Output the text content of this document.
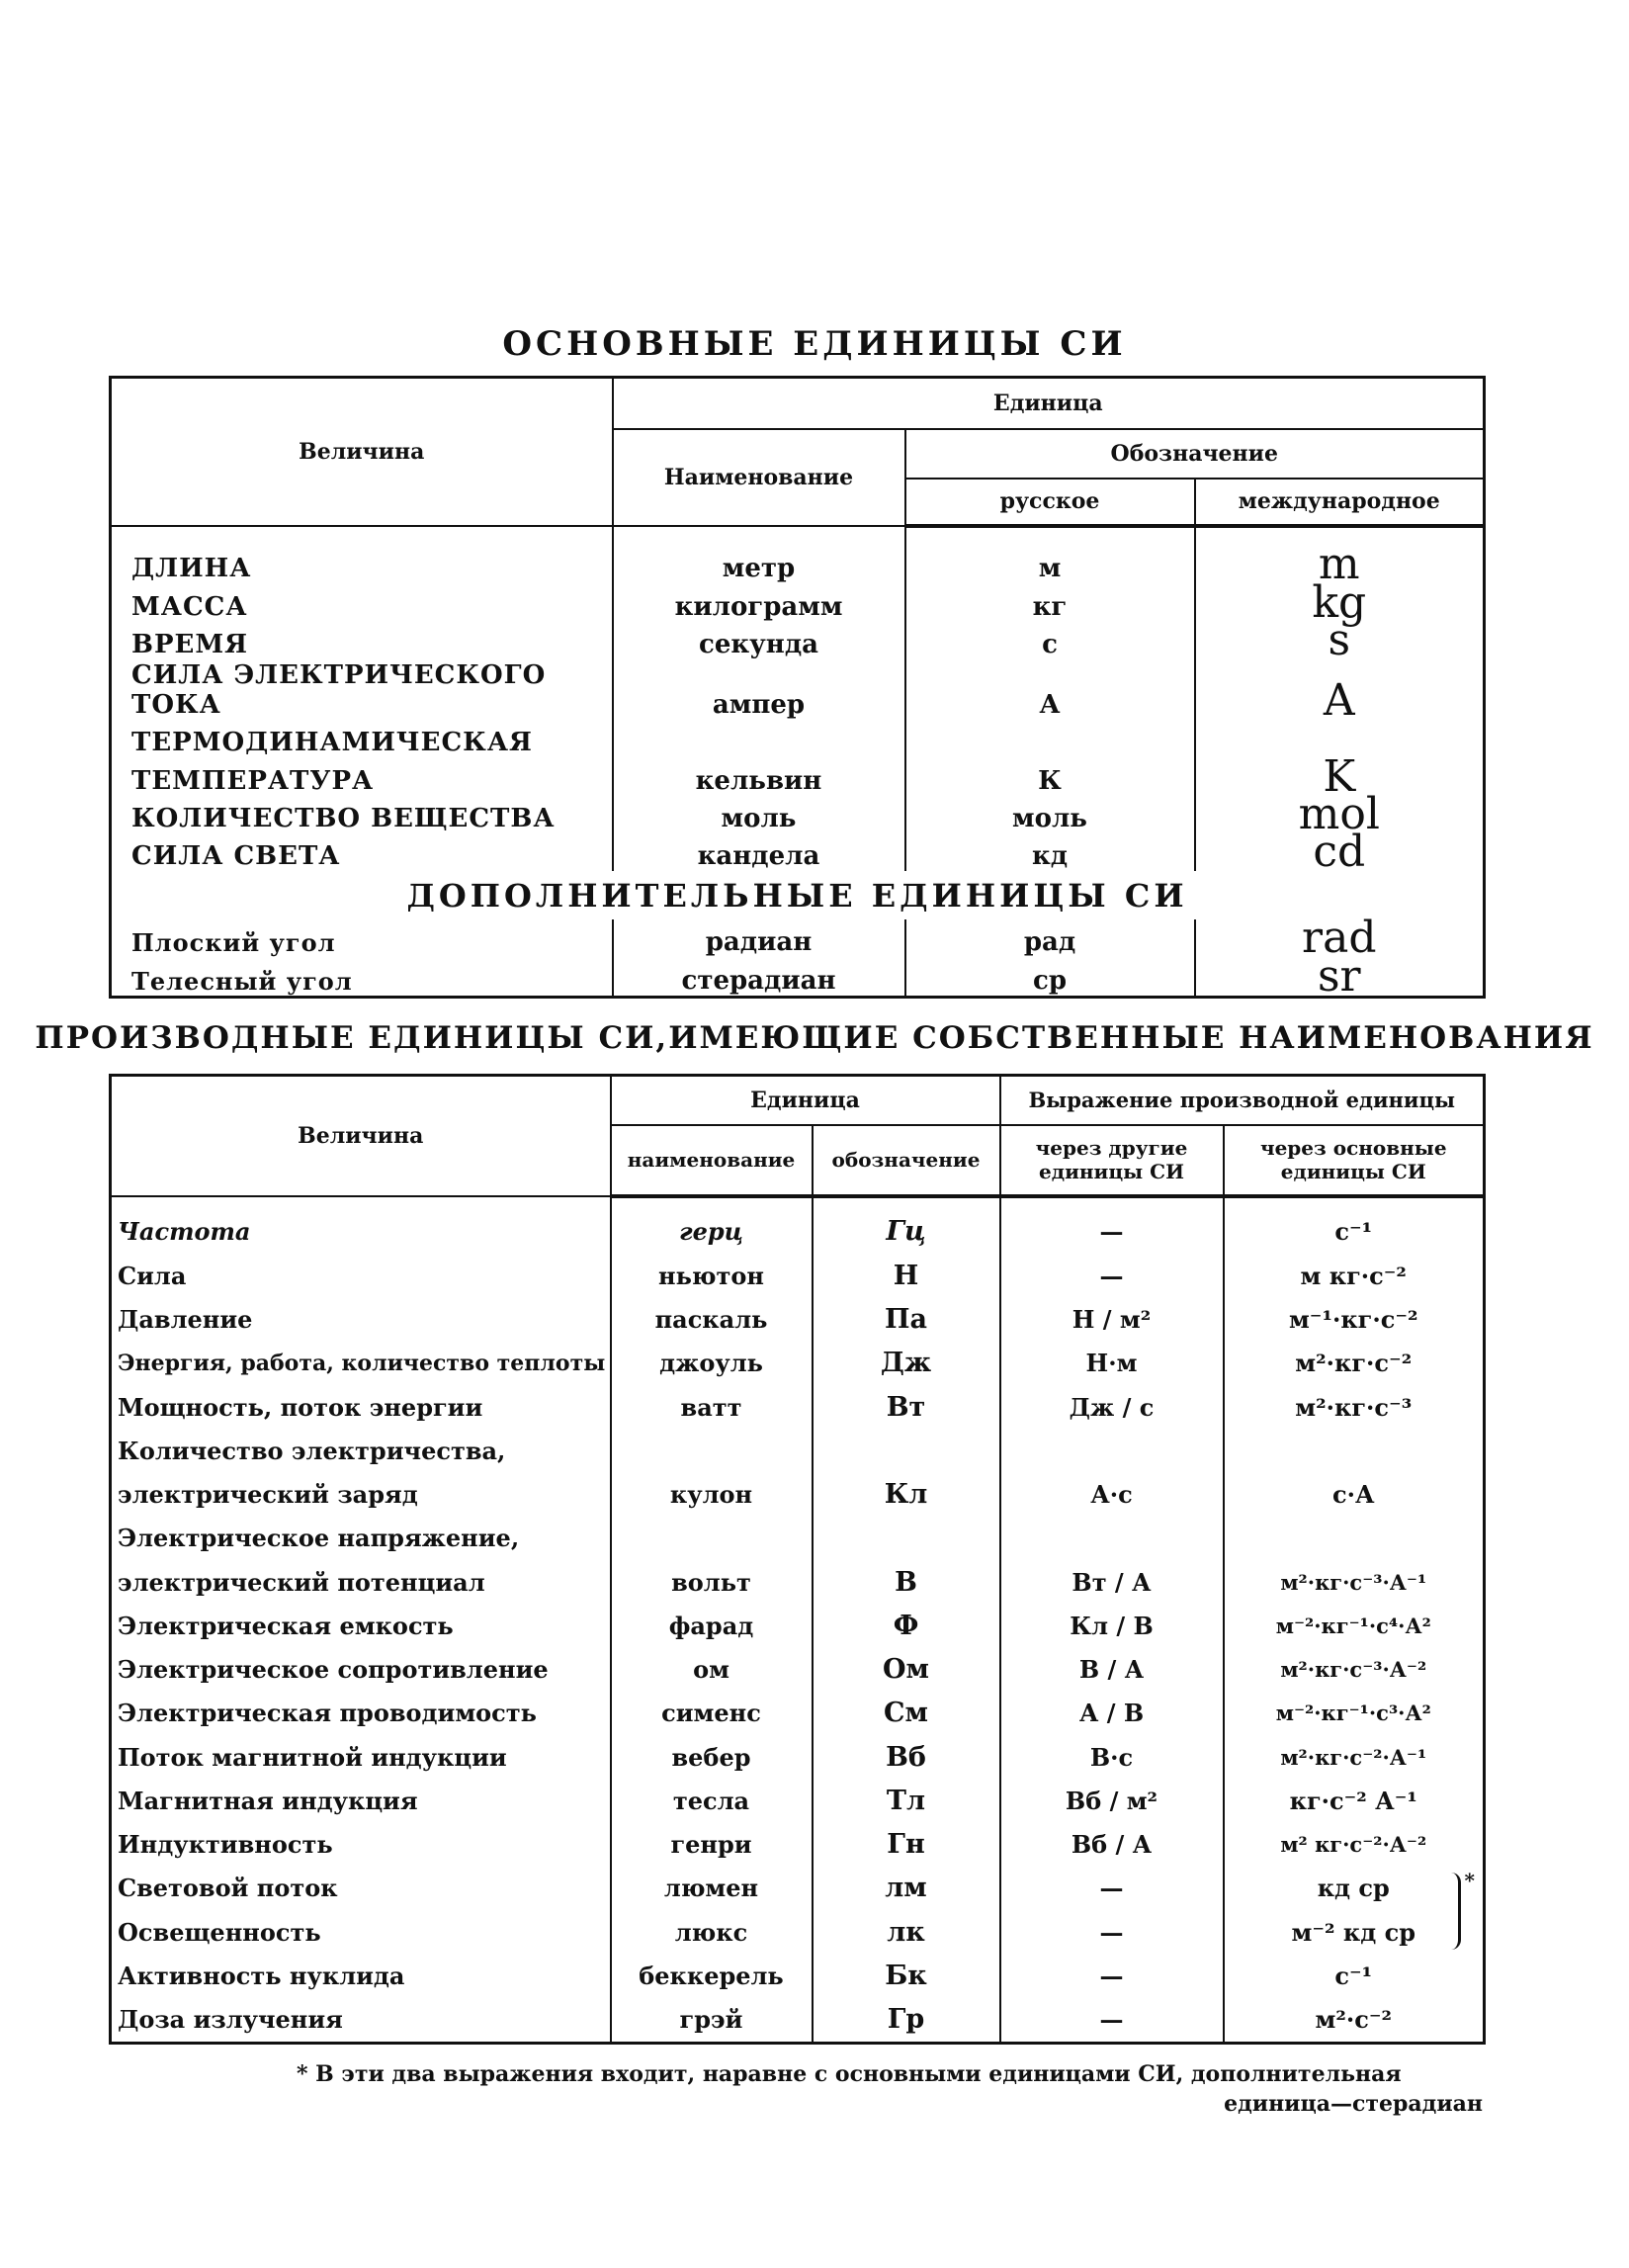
ОСНОВНЫЕ ЕДИНИЦЫ СИ
Величина	Единица		
	Наименование	Обозначение	
		русское	международное
ДЛИНА	метр	м	m
МАССА	килограмм	кг	kg
ВРЕМЯ	секунда	с	s
СИЛА ЭЛЕКТРИЧЕСКОГО ТОКА	ампер	А	A
ТЕРМОДИНАМИЧЕСКАЯ			
ТЕМПЕРАТУРА	кельвин	К	K
КОЛИЧЕСТВО ВЕЩЕСТВА	моль	моль	mol
СИЛА СВЕТА	кандела	кд	cd
ДОПОЛНИТЕЛЬНЫЕ ЕДИНИЦЫ СИ			
Плоский угол	радиан	рад	rad
Телесный угол	стерадиан	ср	sr
ПРОИЗВОДНЫЕ ЕДИНИЦЫ СИ,ИМЕЮЩИЕ СОБСТВЕННЫЕ НАИМЕНОВАНИЯ
Величина	Единица		Выражение производной единицы	
	наименование	обозначение	через другие единицы СИ	через основные единицы СИ
Частота	герц	Гц	—	с⁻¹
Сила	ньютон	Н	—	м кг·с⁻²
Давление	паскаль	Па	Н / м²	м⁻¹·кг·с⁻²
Энергия, работа, количество теплоты	джоуль	Дж	Н·м	м²·кг·с⁻²
Мощность, поток энергии	ватт	Вт	Дж / с	м²·кг·с⁻³
Количество электричества,				
электрический заряд	кулон	Кл	А·с	с·А
Электрическое напряжение,				
электрический потенциал	вольт	В	Вт / А	м²·кг·с⁻³·А⁻¹
Электрическая емкость	фарад	Ф	Кл / В	м⁻²·кг⁻¹·с⁴·А²
Электрическое сопротивление	ом	Ом	В / А	м²·кг·с⁻³·А⁻²
Электрическая проводимость	сименс	См	А / В	м⁻²·кг⁻¹·с³·А²
Поток магнитной индукции	вебер	Вб	В·с	м²·кг·с⁻²·А⁻¹
Магнитная индукция	тесла	Тл	Вб / м²	кг·с⁻² А⁻¹
Индуктивность	генри	Гн	Вб / А	м² кг·с⁻²·А⁻²
Световой поток	люмен	лм	—	кд ср *

Освещенность	люкс	лк	—	м⁻² кд ср
Активность нуклида	беккерель	Бк	—	с⁻¹
Доза излучения	грэй	Гр	—	м²·с⁻²
* В эти два выражения входит, наравне с основными единицами СИ, дополнительная
единица—стерадиан
